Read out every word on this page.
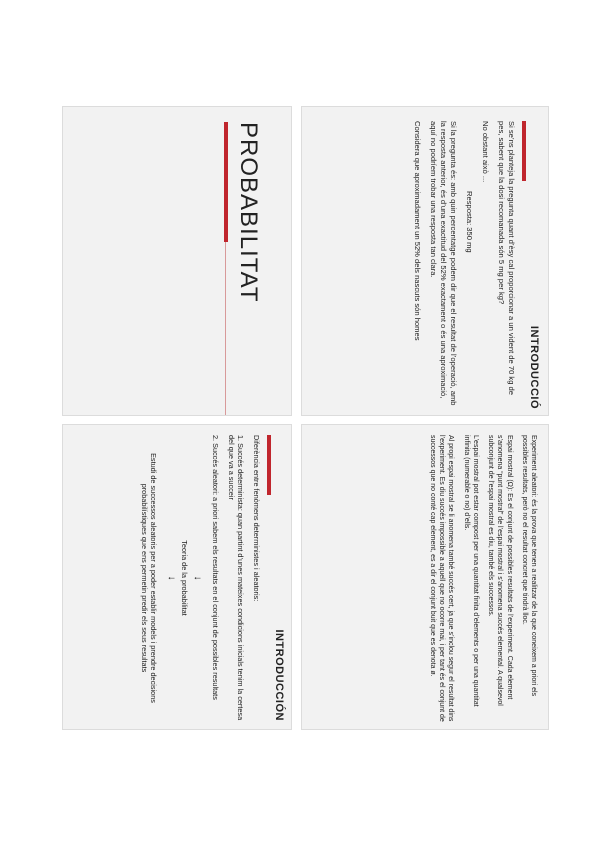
PROBABILITAT
INTRODUCCIÓ

Si se’ns planteja la pregunta quant d’èsy cal proporcionar a un vident de 70 kg de pes, sabent que la dosi recomanada són 5 mg per kg?

No obstant això ...

Resposta: 350 mg

Si la pregunta és: amb quin percentatge podem dir que el resultat de l’operació, amb la resposta anterior, és d’una exactitud del 52% exactament o és una aproximació, aquí no podríem trobar una resposta tan clara.

Considera que aproximadament un 52% dels nascuts són homes

INTRODUCCIÓN

Diferència entre fenòmens deterministes i aleatoris:

1. Succés determinista: quan partint d’unes mateixes condicions inicials tenim la certesa del que va a succeir

2. Succés aleatori: a priori sabem els resultats en el conjunt de possibles resultats

↓
Teoria de la probabilitat
↓

Estudi de successos aleatoris per a poder establir models i prendre decisions probabilístiques que ens permetin predir els seus resultats	Experiment aleatori: és la prova que tenen a realitzar de la que coneixem a priori els possibles resultats, però no el resultat concret que tindrà lloc.

Espai mostral (Ω): Es el conjunt de possibles resultats de l’experiment. Cada element s’anomena “punt mostral” de l’espai mostral i s’anomena succés elemental. A qualsevol subconjunt de l’espai mostral es diu, també els successos.

L’espai mostral pot estar compost per una quantitat finita d’elements o per una quantitat infinita (numerable o no) d’ells.

Al propi espai mostral se li anomena també succés cert, ja que s’inclou segur el resultat dins l’experiment. Es diu succés impossible a aquell que no ocorre mai, i per tant és el conjunt de successos que no conté cap element, es a dir el conjunt buit que es denota ø.
